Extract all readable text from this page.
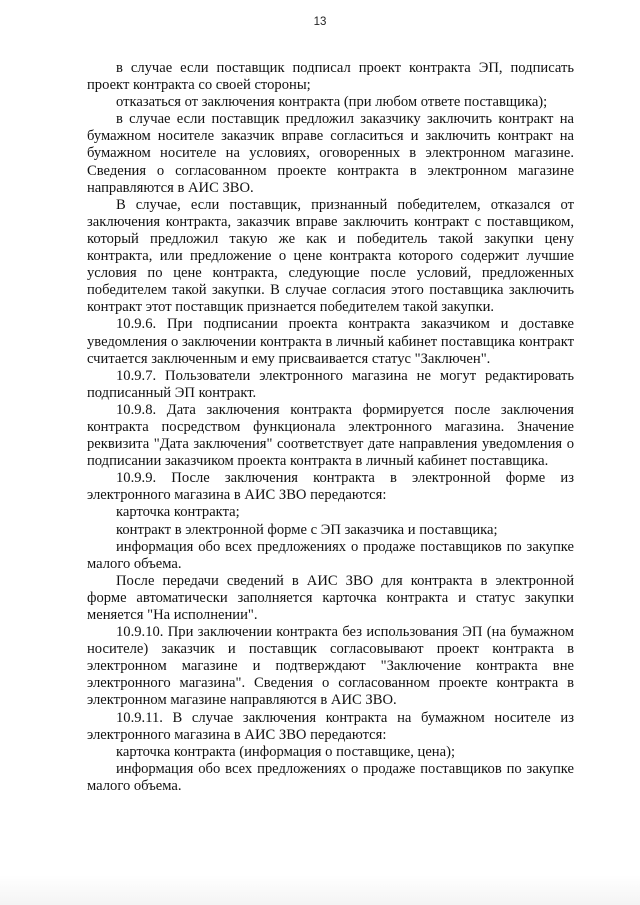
13

в случае если поставщик подписал проект контракта ЭП, подписать проект контракта со своей стороны;

отказаться от заключения контракта (при любом ответе поставщика);

в случае если поставщик предложил заказчику заключить контракт на бумажном носителе заказчик вправе согласиться и заключить контракт на бумажном носителе на условиях, оговоренных в электронном магазине. Сведения о согласованном проекте контракта в электронном магазине направляются в АИС ЗВО.

В случае, если поставщик, признанный победителем, отказался от заключения контракта, заказчик вправе заключить контракт с поставщиком, который предложил такую же как и победитель такой закупки цену контракта, или предложение о цене контракта которого содержит лучшие условия по цене контракта, следующие после условий, предложенных победителем такой закупки. В случае согласия этого поставщика заключить контракт этот поставщик признается победителем такой закупки.

10.9.6. При подписании проекта контракта заказчиком и доставке уведомления о заключении контракта в личный кабинет поставщика контракт считается заключенным и ему присваивается статус "Заключен".

10.9.7. Пользователи электронного магазина не могут редактировать подписанный ЭП контракт.

10.9.8. Дата заключения контракта формируется после заключения контракта посредством функционала электронного магазина. Значение реквизита "Дата заключения" соответствует дате направления уведомления о подписании заказчиком проекта контракта в личный кабинет поставщика.

10.9.9. После заключения контракта в электронной форме из электронного магазина в АИС ЗВО передаются:

карточка контракта;

контракт в электронной форме с ЭП заказчика и поставщика;

информация обо всех предложениях о продаже поставщиков по закупке малого объема.

После передачи сведений в АИС ЗВО для контракта в электронной форме автоматически заполняется карточка контракта и статус закупки меняется "На исполнении".

10.9.10. При заключении контракта без использования ЭП (на бумажном носителе) заказчик и поставщик согласовывают проект контракта в электронном магазине и подтверждают "Заключение контракта вне электронного магазина". Сведения о согласованном проекте контракта в электронном магазине направляются в АИС ЗВО.

10.9.11. В случае заключения контракта на бумажном носителе из электронного магазина в АИС ЗВО передаются:

карточка контракта (информация о поставщике, цена);

информация обо всех предложениях о продаже поставщиков по закупке малого объема.
